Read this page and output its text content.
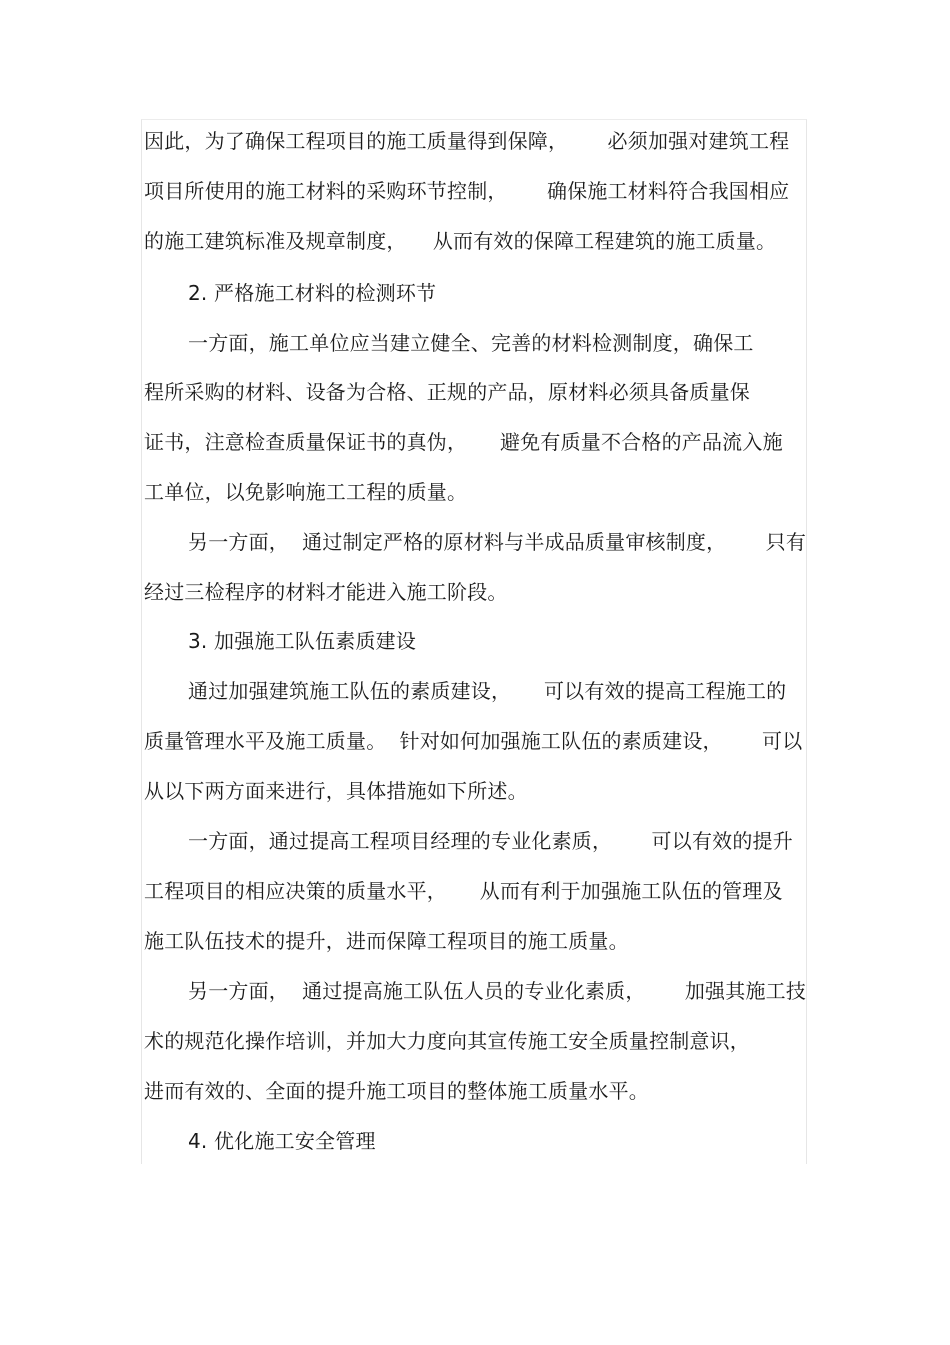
因此，为了确保工程项目的施工质量得到保障，      必须加强对建筑工程
项目所使用的施工材料的采购环节控制，      确保施工材料符合我国相应
的施工建筑标准及规章制度，    从而有效的保障工程建筑的施工质量。
2. 严格施工材料的检测环节
一方面，施工单位应当建立健全、完善的材料检测制度，确保工
程所采购的材料、设备为合格、正规的产品，原材料必须具备质量保
证书，注意检查质量保证书的真伪，     避免有质量不合格的产品流入施
工单位，以免影响施工工程的质量。
另一方面，  通过制定严格的原材料与半成品质量审核制度，      只有
经过三检程序的材料才能进入施工阶段。
3. 加强施工队伍素质建设
通过加强建筑施工队伍的素质建设，     可以有效的提高工程施工的
质量管理水平及施工质量。  针对如何加强施工队伍的素质建设，      可以
从以下两方面来进行，具体措施如下所述。
一方面，通过提高工程项目经理的专业化素质，      可以有效的提升
工程项目的相应决策的质量水平，     从而有利于加强施工队伍的管理及
施工队伍技术的提升，进而保障工程项目的施工质量。
另一方面，  通过提高施工队伍人员的专业化素质，      加强其施工技
术的规范化操作培训，并加大力度向其宣传施工安全质量控制意识，
进而有效的、全面的提升施工项目的整体施工质量水平。
4. 优化施工安全管理
